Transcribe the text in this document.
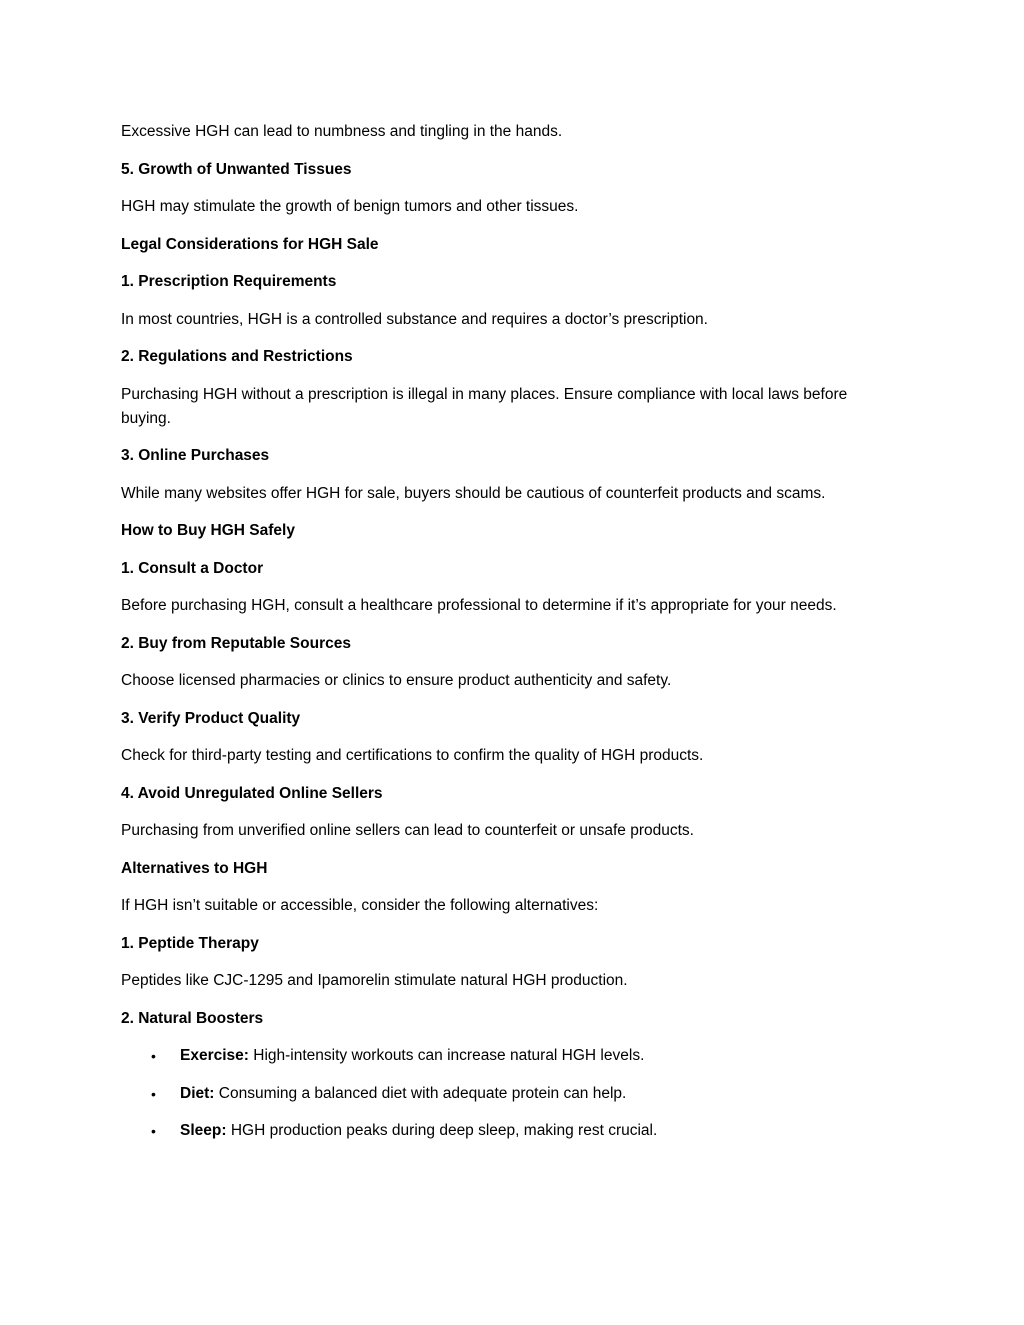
Excessive HGH can lead to numbness and tingling in the hands.

5. Growth of Unwanted Tissues

HGH may stimulate the growth of benign tumors and other tissues.

Legal Considerations for HGH Sale

1. Prescription Requirements

In most countries, HGH is a controlled substance and requires a doctor’s prescription.

2. Regulations and Restrictions

Purchasing HGH without a prescription is illegal in many places. Ensure compliance with local laws before buying.

3. Online Purchases

While many websites offer HGH for sale, buyers should be cautious of counterfeit products and scams.

How to Buy HGH Safely

1. Consult a Doctor

Before purchasing HGH, consult a healthcare professional to determine if it’s appropriate for your needs.

2. Buy from Reputable Sources

Choose licensed pharmacies or clinics to ensure product authenticity and safety.

3. Verify Product Quality

Check for third-party testing and certifications to confirm the quality of HGH products.

4. Avoid Unregulated Online Sellers

Purchasing from unverified online sellers can lead to counterfeit or unsafe products.

Alternatives to HGH

If HGH isn’t suitable or accessible, consider the following alternatives:

1. Peptide Therapy

Peptides like CJC-1295 and Ipamorelin stimulate natural HGH production.

2. Natural Boosters

• Exercise: High-intensity workouts can increase natural HGH levels.
• Diet: Consuming a balanced diet with adequate protein can help.
• Sleep: HGH production peaks during deep sleep, making rest crucial.
